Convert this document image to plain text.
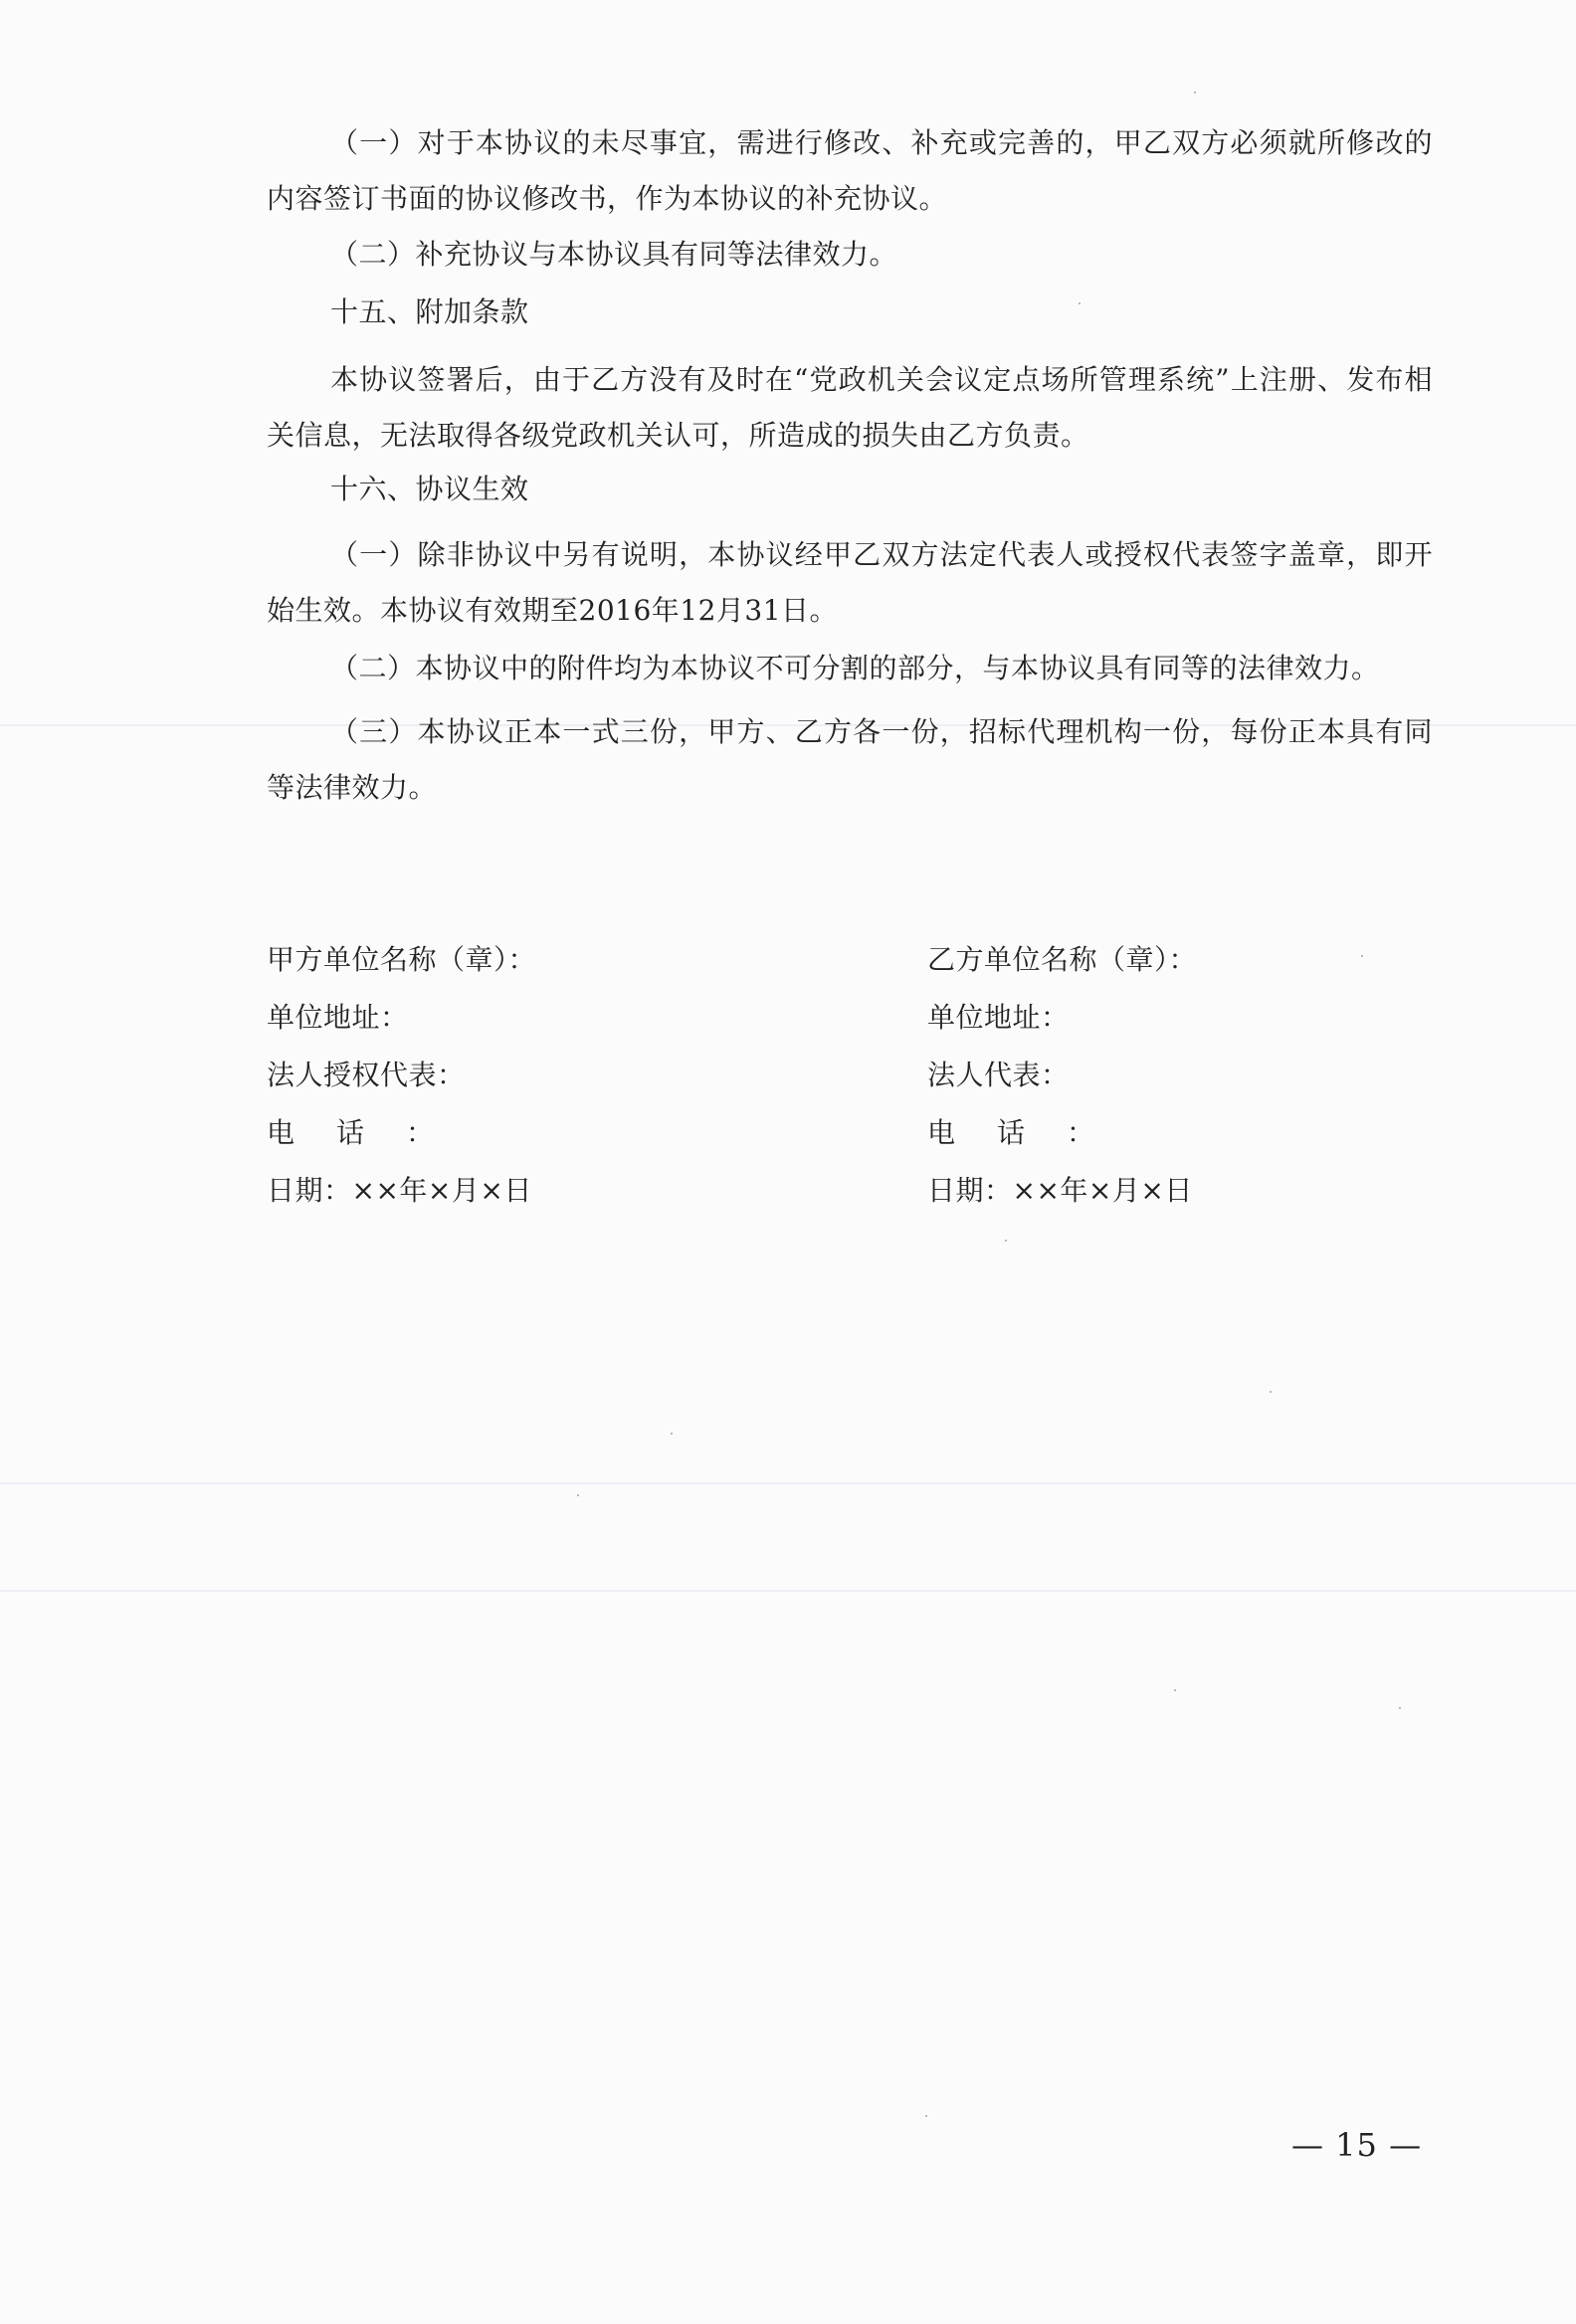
（一）对于本协议的未尽事宜，需进行修改、补充或完善的，甲乙双方必须就所修改的内容签订书面的协议修改书，作为本协议的补充协议。

（二）补充协议与本协议具有同等法律效力。

十五、附加条款

本协议签署后，由于乙方没有及时在“党政机关会议定点场所管理系统”上注册、发布相关信息，无法取得各级党政机关认可，所造成的损失由乙方负责。

十六、协议生效

（一）除非协议中另有说明，本协议经甲乙双方法定代表人或授权代表签字盖章，即开始生效。本协议有效期至2016年12月31日。

（二）本协议中的附件均为本协议不可分割的部分，与本协议具有同等的法律效力。

（三）本协议正本一式三份，甲方、乙方各一份，招标代理机构一份，每份正本具有同等法律效力。

甲方单位名称（章）：
单位地址：
法人授权代表：
电话：
日期：××年×月×日
乙方单位名称（章）：
单位地址：
法人代表：
电话：
日期：××年×月×日
— 15 —
